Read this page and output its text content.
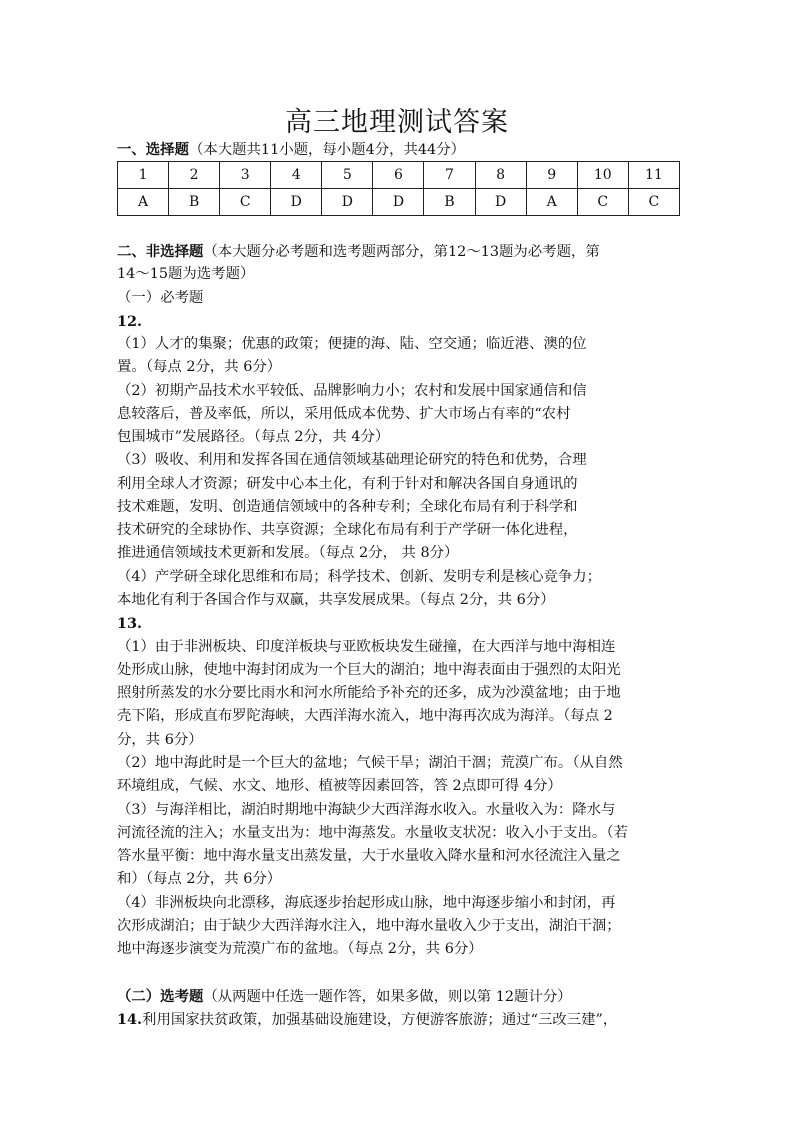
高三地理测试答案
一、选择题（本大题共11小题，每小题4分，共44分）
1	2	3	4	5	6	7	8	9	10	11
A	B	C	D	D	D	B	D	A	C	C
二、非选择题（本大题分必考题和选考题两部分，第12～13题为必考题，第
14～15题为选考题）
（一）必考题
12.
（1）人才的集聚；优惠的政策；便捷的海、陆、空交通；临近港、澳的位
置。（每点 2分，共 6分）
（2）初期产品技术水平较低、品牌影响力小；农村和发展中国家通信和信
息较落后，普及率低，所以，采用低成本优势、扩大市场占有率的“农村
包围城市”发展路径。（每点 2分，共 4分）
（3）吸收、利用和发挥各国在通信领域基础理论研究的特色和优势，合理
利用全球人才资源；研发中心本土化，有利于针对和解决各国自身通讯的
技术难题，发明、创造通信领域中的各种专利；全球化布局有利于科学和
技术研究的全球协作、共享资源；全球化布局有利于产学研一体化进程，
推进通信领域技术更新和发展。（每点 2分， 共 8分）
（4）产学研全球化思维和布局；科学技术、创新、发明专利是核心竞争力；
本地化有利于各国合作与双赢，共享发展成果。（每点 2分，共 6分）
13.
（1）由于非洲板块、印度洋板块与亚欧板块发生碰撞，在大西洋与地中海相连
处形成山脉，使地中海封闭成为一个巨大的湖泊；地中海表面由于强烈的太阳光
照射所蒸发的水分要比雨水和河水所能给予补充的还多，成为沙漠盆地；由于地
壳下陷，形成直布罗陀海峡，大西洋海水流入，地中海再次成为海洋。（每点 2
分，共 6分）
（2）地中海此时是一个巨大的盆地；气候干旱；湖泊干涸；荒漠广布。（从自然
环境组成，气候、水文、地形、植被等因素回答，答 2点即可得 4分）
（3）与海洋相比，湖泊时期地中海缺少大西洋海水收入。水量收入为：降水与
河流径流的注入；水量支出为：地中海蒸发。水量收支状况：收入小于支出。（若
答水量平衡：地中海水量支出蒸发量，大于水量收入降水量和河水径流注入量之
和）（每点 2分，共 6分）
（4）非洲板块向北漂移，海底逐步抬起形成山脉，地中海逐步缩小和封闭，再
次形成湖泊；由于缺少大西洋海水注入，地中海水量收入少于支出，湖泊干涸；
地中海逐步演变为荒漠广布的盆地。（每点 2分，共 6分）
（二）选考题（从两题中任选一题作答，如果多做，则以第 12题计分）
14.利用国家扶贫政策，加强基础设施建设，方便游客旅游；通过“三改三建”，
